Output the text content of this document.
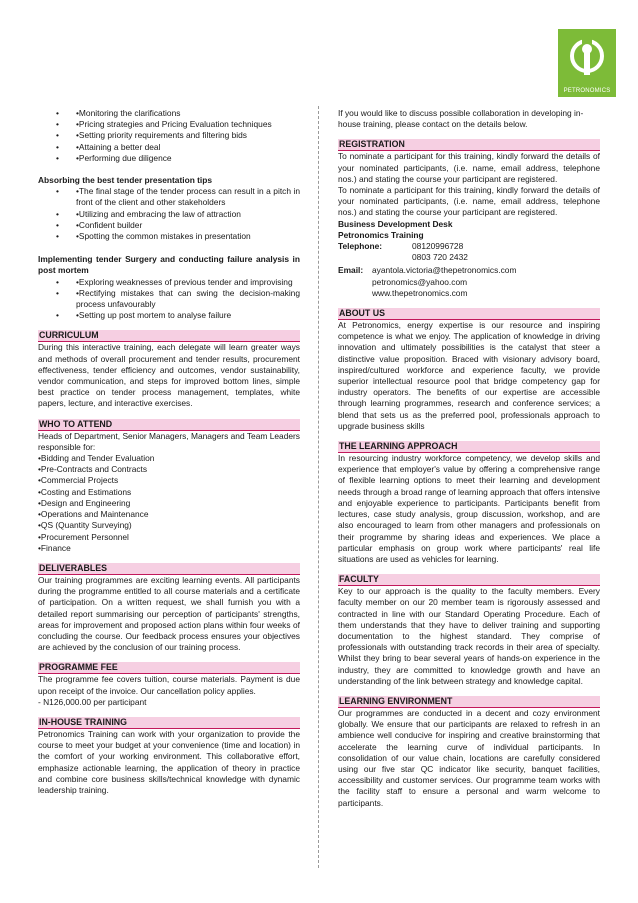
PETRONOMICS

• •Monitoring the clarifications

• •Pricing strategies and Pricing Evaluation techniques

• •Setting priority requirements and filtering bids

• •Attaining a better deal

• •Performing due diligence

Absorbing the best tender presentation tips

• •The final stage of the tender process can result in a pitch in front of the client and other stakeholders

• •Utilizing and embracing the law of attraction

• •Confident builder

• •Spotting the common mistakes in presentation

Implementing tender Surgery and conducting failure analysis in post mortem

• •Exploring weaknesses of previous tender and improvising

• •Rectifying mistakes that can swing the decision-making process unfavourably

• •Setting up post mortem to analyse failure

CURRICULUM

During this interactive training, each delegate will learn greater ways and methods of overall procurement and tender results, procurement effectiveness, tender efficiency and outcomes, vendor sustainability, vendor communication, and steps for improved bottom lines, simple best practice on tender process management, templates, white papers, lecture, and interactive exercises.

WHO TO ATTEND

Heads of Department, Senior Managers, Managers and Team Leaders responsible for:

•Bidding and Tender Evaluation

•Pre-Contracts and Contracts

•Commercial Projects

•Costing and Estimations

•Design and Engineering

•Operations and Maintenance

•QS (Quantity Surveying)

•Procurement Personnel

•Finance

DELIVERABLES

Our training programmes are exciting learning events. All participants during the programme entitled to all course materials and a certificate of participation. On a written request, we shall furnish you with a detailed report summarising our perception of participants' strengths, areas for improvement and proposed action plans within four weeks of concluding the course. Our feedback process ensures your objectives are achieved by the conclusion of our training process.

PROGRAMME FEE

The programme fee covers tuition, course materials. Payment is due upon receipt of the invoice. Our cancellation policy applies.

- N126,000.00 per participant

IN-HOUSE TRAINING

Petronomics Training can work with your organization to provide the course to meet your budget at your convenience (time and location) in the comfort of your working environment. This collaborative effort, emphasize actionable learning, the application of theory in practice and combine core business skills/technical knowledge with dynamic leadership training.

If you would like to discuss possible collaboration in developing in-house training, please contact on the details below.

REGISTRATION

To nominate a participant for this training, kindly forward the details of your nominated participants, (i.e. name, email address, telephone nos.) and stating the course your participant are registered.

To nominate a participant for this training, kindly forward the details of your nominated participants, (i.e. name, email address, telephone nos.) and stating the course your participant are registered.

Business Development Desk

Petronomics Training

Telephone:	08120996728
0803 720 2432
Email:	ayantola.victoria@thepetronomics.com

petronomics@yahoo.com

www.thepetronomics.com

ABOUT US

At Petronomics, energy expertise is our resource and inspiring competence is what we enjoy. The application of knowledge in driving innovation and ultimately possibilities is the catalyst that steer a distinctive value proposition. Braced with visionary advisory board, inspired/cultured workforce and experience faculty, we provide superior intellectual resource pool that bridge competency gap for industry operators. The benefits of our expertise are accessible through learning programmes, research and conference services; a blend that sets us as the preferred pool, professionals approach to upgrade business skills

THE LEARNING APPROACH

In resourcing industry workforce competency, we develop skills and experience that employer's value by offering a comprehensive range of flexible learning options to meet their learning and development needs through a broad range of learning approach that offers intensive and enjoyable experience to participants. Participants benefit from lectures, case study analysis, group discussion, workshop, and are also encouraged to learn from other managers and professionals on their programme by sharing ideas and experiences. We place a particular emphasis on group work where participants' real life situations are used as vehicles for learning.

FACULTY

Key to our approach is the quality to the faculty members. Every faculty member on our 20 member team is rigorously assessed and contracted in line with our Standard Operating Procedure. Each of them understands that they have to deliver training and supporting documentation to the highest standard. They comprise of professionals with outstanding track records in their area of specialty. Whilst they bring to bear several years of hands-on experience in the industry, they are committed to knowledge growth and have an understanding of the link between strategy and knowledge capital.

LEARNING ENVIRONMENT

Our programmes are conducted in a decent and cozy environment globally. We ensure that our participants are relaxed to refresh in an ambience well conducive for inspiring and creative brainstorming that accelerate the learning curve of individual participants. In consolidation of our value chain, locations are carefully considered using our five star QC indicator like security, banquet facilities, accessibility and customer services. Our programme team works with the facility staff to ensure a personal and warm welcome to participants.
